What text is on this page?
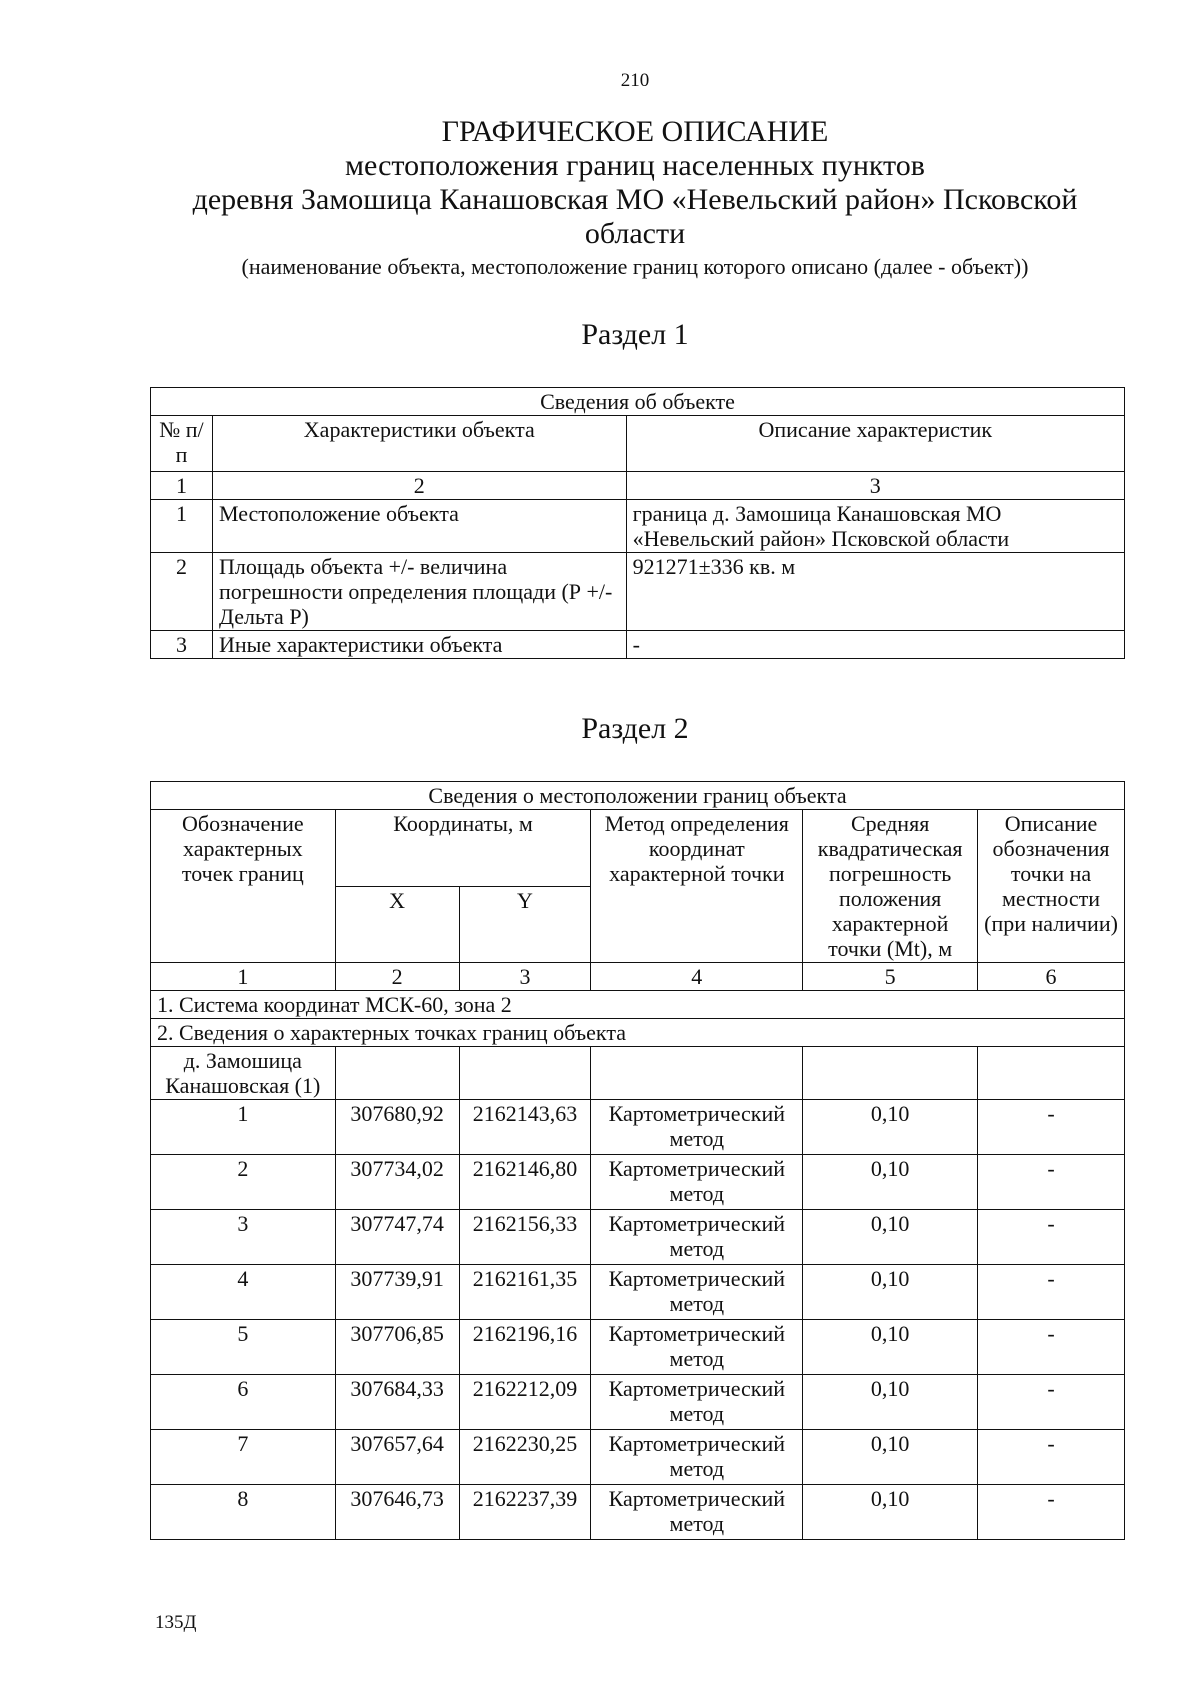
210
ГРАФИЧЕСКОЕ ОПИСАНИЕ
местоположения границ населенных пунктов
деревня Замошица Канашовская МО «Невельский район» Псковской
области
(наименование объекта, местоположение границ которого описано (далее - объект))
Раздел 1
Сведения об объекте		
№ п/п	Характеристики объекта	Описание характеристик
1	2	3
1	Местоположение объекта	граница д. Замошица Канашовская МО «Невельский район» Псковской области
2	Площадь объекта +/- величина погрешности определения площади (Р +/- Дельта Р)	921271±336 кв. м
3	Иные характеристики объекта	-
Раздел 2
Сведения о местоположении границ объекта					
Обозначение характерных точек границ	Координаты, м		Метод определения координат характерной точки	Средняя квадратическая погрешность положения характерной точки (Mt), м	Описание обозначения точки на местности (при наличии)
	X	Y			
1	2	3	4	5	6
1. Система координат МСК-60, зона 2					
2. Сведения о характерных точках границ объекта					
д. Замошица Канашовская (1)					
1	307680,92	2162143,63	Картометрический метод	0,10	-
2	307734,02	2162146,80	Картометрический метод	0,10	-
3	307747,74	2162156,33	Картометрический метод	0,10	-
4	307739,91	2162161,35	Картометрический метод	0,10	-
5	307706,85	2162196,16	Картометрический метод	0,10	-
6	307684,33	2162212,09	Картометрический метод	0,10	-
7	307657,64	2162230,25	Картометрический метод	0,10	-
8	307646,73	2162237,39	Картометрический метод	0,10	-
135Д
